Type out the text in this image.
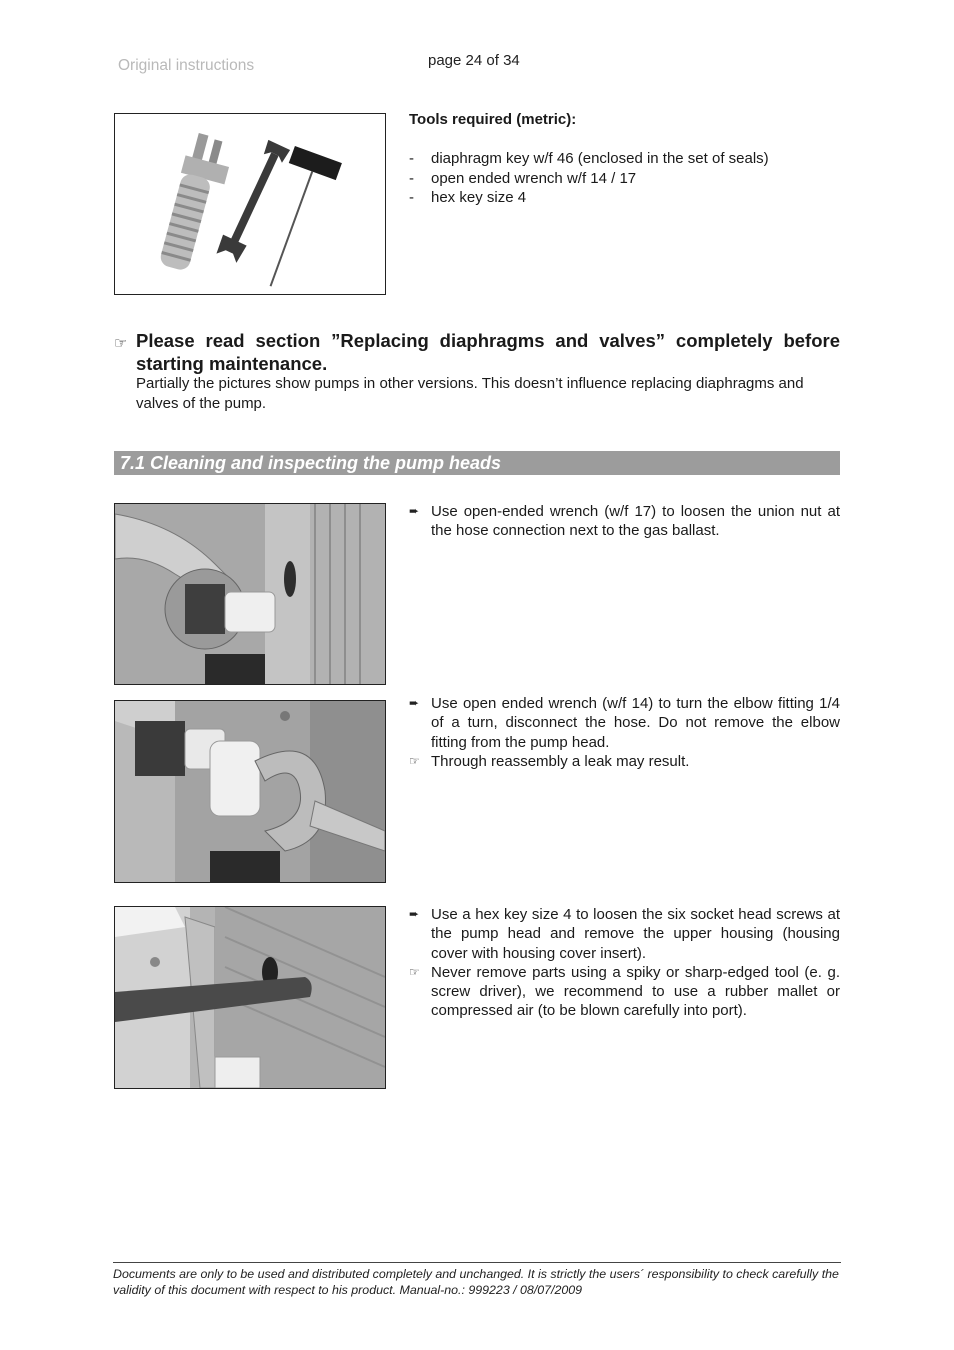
Original instructions	page 24 of 34
Tools required (metric):
- diaphragm key w/f 46 (enclosed in the set of seals)
- open ended wrench w/f 14 / 17
- hex key size 4
☞ Please read section ”Replacing diaphragms and valves” completely before starting maintenance.
Partially the pictures show pumps in other versions. This doesn’t influence replacing diaphragms and valves of the pump.
7.1 Cleaning and inspecting the pump heads
➨ Use open-ended wrench (w/f 17) to loosen the union nut at the hose connection next to the gas ballast.
➨ Use open ended wrench (w/f 14) to turn the elbow fitting 1/4 of a turn, disconnect the hose. Do not remove the elbow fitting from the pump head.
☞ Through reassembly a leak may result.
➨ Use a hex key size 4 to loosen the six socket head screws at the pump head and remove the upper housing (housing cover with housing cover insert).
☞ Never remove parts using a spiky or sharp-edged tool (e. g. screw driver), we recommend to use a rubber mallet or compressed air (to be blown carefully into port).
Documents are only to be used and distributed completely and unchanged. It is strictly the users´ responsibility to check carefully the validity of this document with respect to his product. Manual-no.: 999223 / 08/07/2009
